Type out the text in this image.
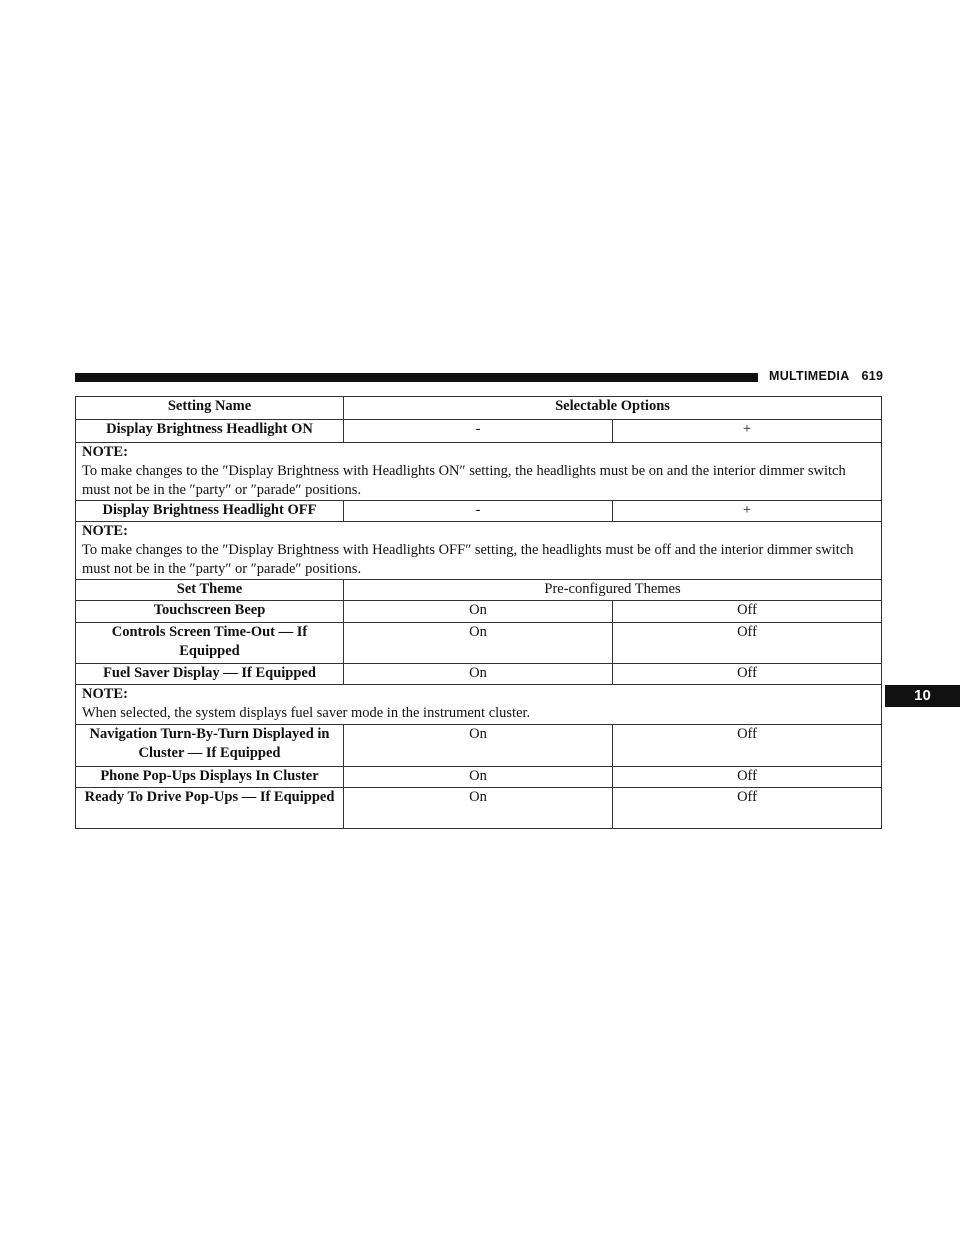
MULTIMEDIA 619
10
Setting Name	Selectable Options	
Display Brightness Headlight ON	-	+

NOTE:
To make changes to the ″Display Brightness with Headlights ON″ setting, the headlights must be on and the interior dimmer switch must not be in the ″party″ or ″parade″ positions.		

Display Brightness Headlight OFF	-	+

NOTE:
To make changes to the ″Display Brightness with Headlights OFF″ setting, the headlights must be off and the interior dimmer switch must not be in the ″party″ or ″parade″ positions.		

Set Theme	Pre-configured Themes	
Touchscreen Beep	On	Off
Controls Screen Time-Out — If Equipped	On	Off
Fuel Saver Display — If Equipped	On	Off

NOTE:
When selected, the system displays fuel saver mode in the instrument cluster.		

Navigation Turn-By-Turn Displayed in Cluster — If Equipped	On	Off
Phone Pop-Ups Displays In Cluster	On	Off
Ready To Drive Pop-Ups — If Equipped	On	Off
